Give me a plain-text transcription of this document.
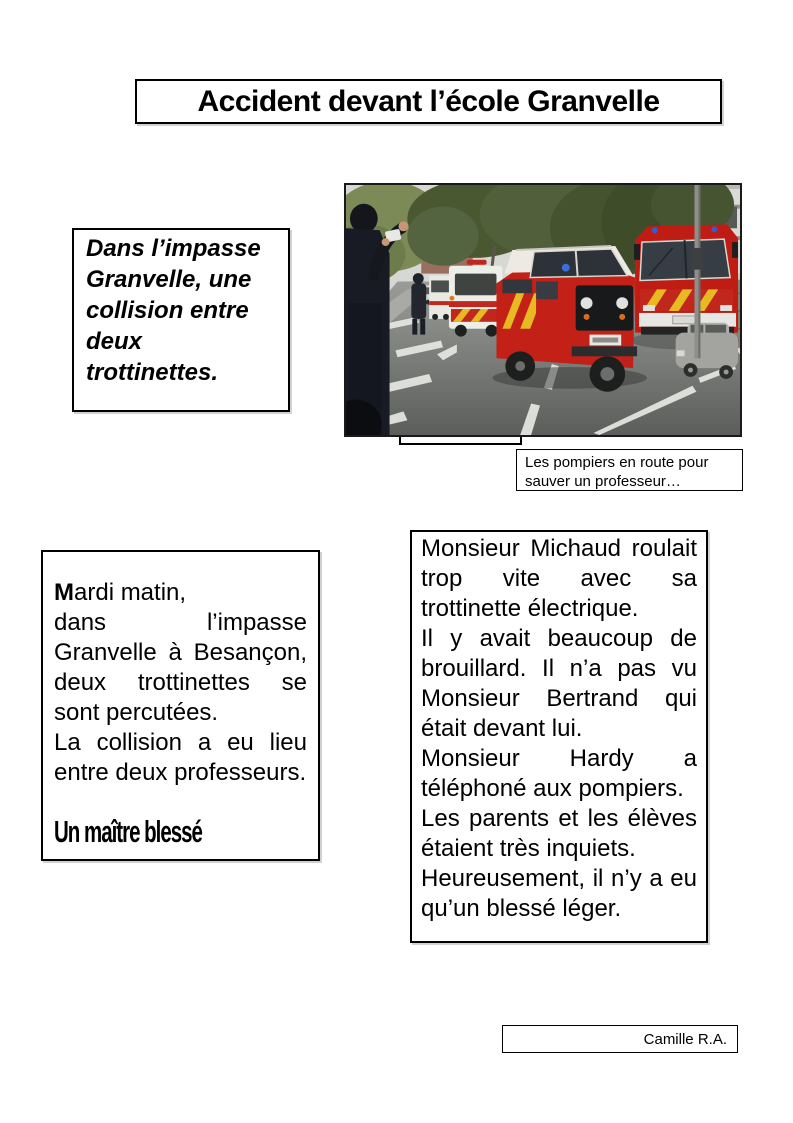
Accident devant l’école Granvelle

Dans l’impasse Granvelle, une collision entre deux trottinettes.

Les pompiers en route pour sauver un professeur…

Mardi matin,

dans l’impasse Granvelle à Besançon, deux trottinettes se sont percutées.

La collision a eu lieu entre deux professeurs.

Un maître blessé

Monsieur Michaud roulait trop vite avec sa trottinette électrique.

Il y avait beaucoup de brouillard. Il n’a pas vu Monsieur Bertrand qui était devant lui.

Monsieur Hardy a téléphoné aux pompiers.

Les parents et les élèves étaient très inquiets.

Heureusement, il n’y a eu qu’un blessé léger.

Camille R.A.
